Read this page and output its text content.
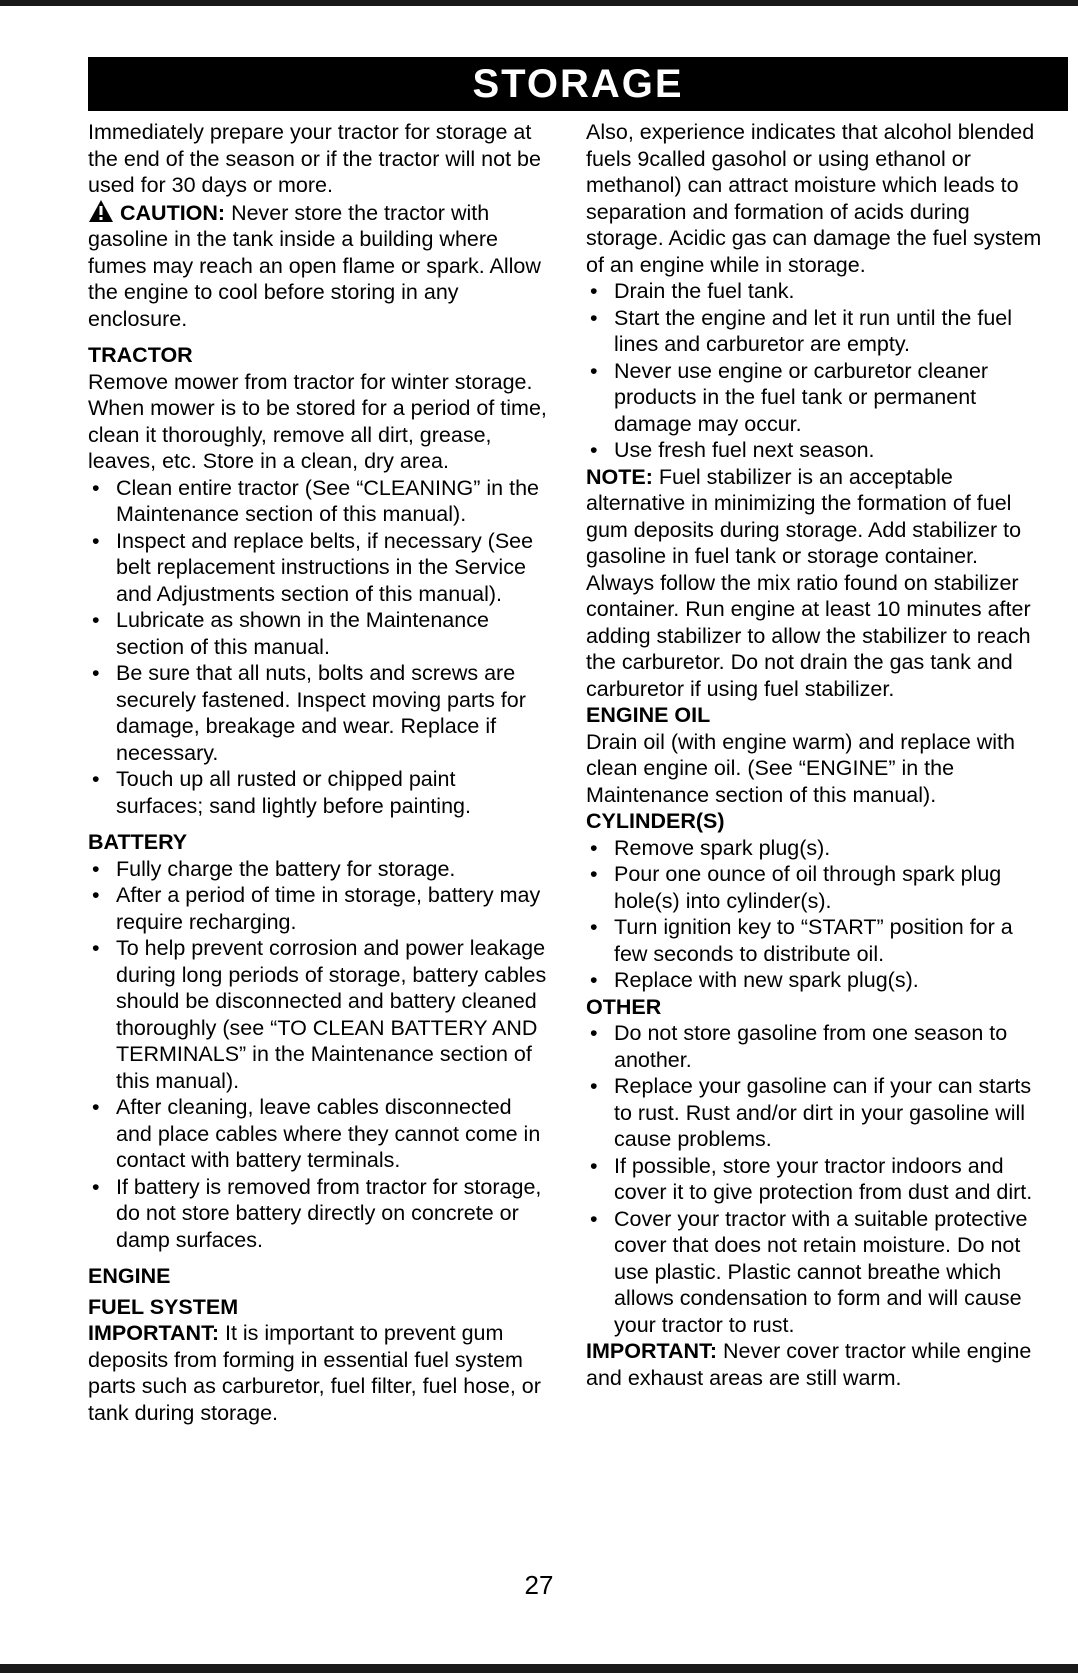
STORAGE

Immediately prepare your tractor for storage at the end of the season or if the tractor will not be used for 30 days or more.

CAUTION: Never store the tractor with gasoline in the tank inside a building where fumes may reach an open flame or spark. Allow the engine to cool before storing in any enclosure.

TRACTOR

Remove mower from tractor for winter storage. When mower is to be stored for a period of time, clean it thoroughly, remove all dirt, grease, leaves, etc. Store in a clean, dry area.

• Clean entire tractor (See “CLEANING” in the Maintenance section of this manual).
• Inspect and replace belts, if necessary (See belt replacement instructions in the Service and Adjustments section of this manual).
• Lubricate as shown in the Maintenance section of this manual.
• Be sure that all nuts, bolts and screws are securely fastened. Inspect moving parts for damage, breakage and wear. Replace if necessary.
• Touch up all rusted or chipped paint surfaces; sand lightly before painting.

BATTERY

• Fully charge the battery for storage.
• After a period of time in storage, battery may require recharging.
• To help prevent corrosion and power leakage during long periods of storage, battery cables should be disconnected and battery cleaned thoroughly (see “TO CLEAN BATTERY AND TERMINALS” in the Maintenance section of this manual).
• After cleaning, leave cables disconnected and place cables where they cannot come in contact with battery terminals.
• If battery is removed from tractor for storage, do not store battery directly on concrete or damp surfaces.

ENGINE

FUEL SYSTEM

IMPORTANT: It is important to prevent gum deposits from forming in essential fuel system parts such as carburetor, fuel filter, fuel hose, or tank during storage.

Also, experience indicates that alcohol blended fuels 9called gasohol or using ethanol or methanol) can attract moisture which leads to separation and formation of acids during storage. Acidic gas can damage the fuel system of an engine while in storage.

• Drain the fuel tank.
• Start the engine and let it run until the fuel lines and carburetor are empty.
• Never use engine or carburetor cleaner products in the fuel tank or permanent damage may occur.
• Use fresh fuel next season.

NOTE: Fuel stabilizer is an acceptable alternative in minimizing the formation of fuel gum deposits during storage. Add stabilizer to gasoline in fuel tank or storage container. Always follow the mix ratio found on stabilizer container. Run engine at least 10 minutes after adding stabilizer to allow the stabilizer to reach the carburetor. Do not drain the gas tank and carburetor if using fuel stabilizer.

ENGINE OIL

Drain oil (with engine warm) and replace with clean engine oil. (See “ENGINE” in the Maintenance section of this manual).

CYLINDER(S)

• Remove spark plug(s).
• Pour one ounce of oil through spark plug hole(s) into cylinder(s).
• Turn ignition key to “START” position for a few seconds to distribute oil.
• Replace with new spark plug(s).

OTHER

• Do not store gasoline from one season to another.
• Replace your gasoline can if your can starts to rust. Rust and/or dirt in your gasoline will cause problems.
• If possible, store your tractor indoors and cover it to give protection from dust and dirt.
• Cover your tractor with a suitable protective cover that does not retain moisture. Do not use plastic. Plastic cannot breathe which allows condensation to form and will cause your tractor to rust.

IMPORTANT: Never cover tractor while engine and exhaust areas are still warm.

27
